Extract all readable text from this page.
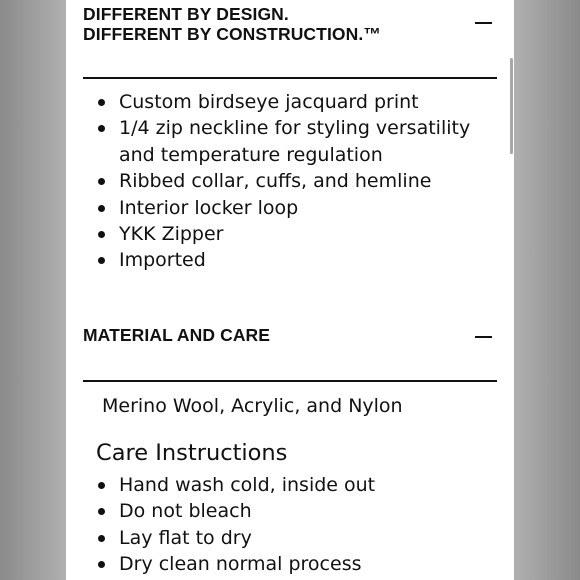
DIFFERENT BY DESIGN.
DIFFERENT BY CONSTRUCTION.™
Custom birdseye jacquard print
1/4 zip neckline for styling versatility and temperature regulation
Ribbed collar, cuffs, and hemline
Interior locker loop
YKK Zipper
Imported
MATERIAL AND CARE
Merino Wool, Acrylic, and Nylon
Care Instructions
Hand wash cold, inside out
Do not bleach
Lay flat to dry
Dry clean normal process
